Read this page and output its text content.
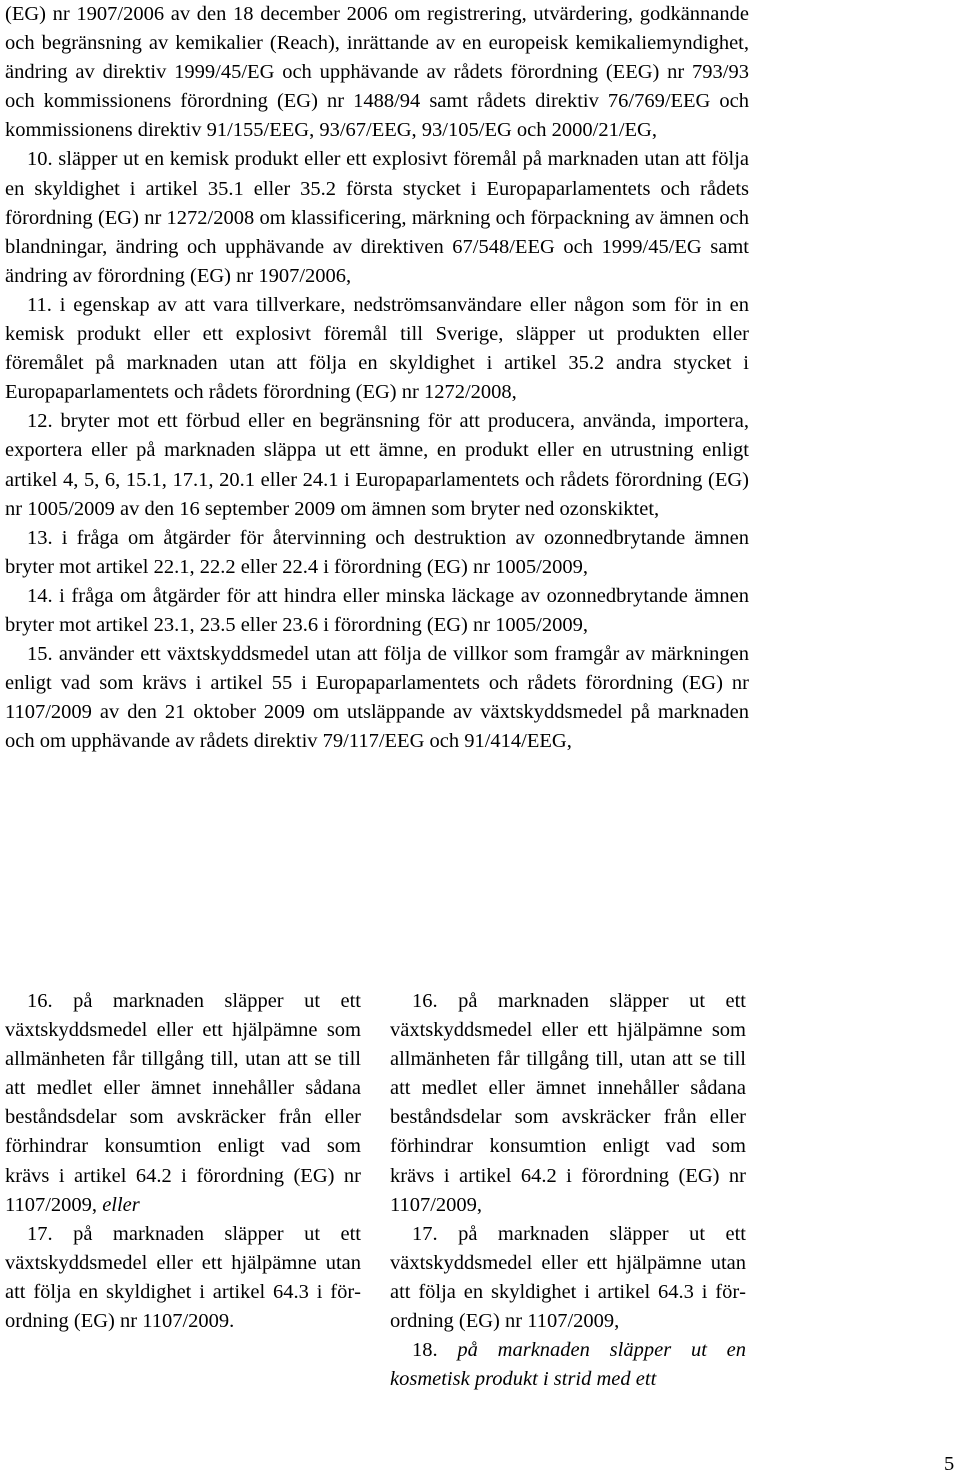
(EG) nr 1907/2006 av den 18 december 2006 om registrering, utvärdering, godkännande och begränsning av kemikalier (Reach), inrättande av en europeisk kemikaliemyndighet, ändring av direktiv 1999/45/EG och upphävande av rådets förordning (EEG) nr 793/93 och kommissionens förordning (EG) nr 1488/94 samt rådets direktiv 76/769/EEG och kommissionens direktiv 91/155/EEG, 93/67/EEG, 93/105/EG och 2000/21/EG,

10. släpper ut en kemisk produkt eller ett explosivt föremål på marknaden utan att följa en skyldighet i artikel 35.1 eller 35.2 första stycket i Europaparlamentets och rådets förordning (EG) nr 1272/2008 om klassificering, märkning och förpackning av ämnen och blandningar, ändring och upphävande av direktiven 67/548/EEG och 1999/45/EG samt ändring av förordning (EG) nr 1907/2006,

11. i egenskap av att vara tillverkare, nedströmsanvändare eller någon som för in en kemisk produkt eller ett explosivt föremål till Sverige, släpper ut produkten eller föremålet på marknaden utan att följa en skyldighet i artikel 35.2 andra stycket i Europaparlamentets och rådets förordning (EG) nr 1272/2008,

12. bryter mot ett förbud eller en begränsning för att producera, använda, importera, exportera eller på marknaden släppa ut ett ämne, en produkt eller en utrustning enligt artikel 4, 5, 6, 15.1, 17.1, 20.1 eller 24.1 i Europaparlamentets och rådets förordning (EG) nr 1005/2009 av den 16 september 2009 om ämnen som bryter ned ozonskiktet,

13. i fråga om åtgärder för återvinning och destruktion av ozonnedbrytande ämnen bryter mot artikel 22.1, 22.2 eller 22.4 i förordning (EG) nr 1005/2009,

14. i fråga om åtgärder för att hindra eller minska läckage av ozonnedbrytande ämnen bryter mot artikel 23.1, 23.5 eller 23.6 i förordning (EG) nr 1005/2009,

15. använder ett växtskyddsmedel utan att följa de villkor som framgår av märkningen enligt vad som krävs i artikel 55 i Europaparlamentets och rådets förordning (EG) nr 1107/2009 av den 21 oktober 2009 om utsläppande av växtskyddsmedel på marknaden och om upphävande av rådets direktiv 79/117/EEG och 91/414/EEG,

16. på marknaden släpper ut ett växtskyddsmedel eller ett hjälpämne som allmänheten får tillgång till, utan att se till att medlet eller ämnet innehåller sådana beståndsdelar som avskräcker från eller förhindrar konsumtion enligt vad som krävs i artikel 64.2 i förordning (EG) nr 1107/2009, eller

17. på marknaden släpper ut ett växtskyddsmedel eller ett hjälpämne utan att följa en skyldighet i artikel 64.3 i förordning (EG) nr 1107/2009.

16. på marknaden släpper ut ett växtskyddsmedel eller ett hjälpämne som allmänheten får tillgång till, utan att se till att medlet eller ämnet innehåller sådana beståndsdelar som avskräcker från eller förhindrar konsumtion enligt vad som krävs i artikel 64.2 i förordning (EG) nr 1107/2009,

17. på marknaden släpper ut ett växtskyddsmedel eller ett hjälpämne utan att följa en skyldighet i artikel 64.3 i förordning (EG) nr 1107/2009,

18. på marknaden släpper ut en kosmetisk produkt i strid med ett

5
